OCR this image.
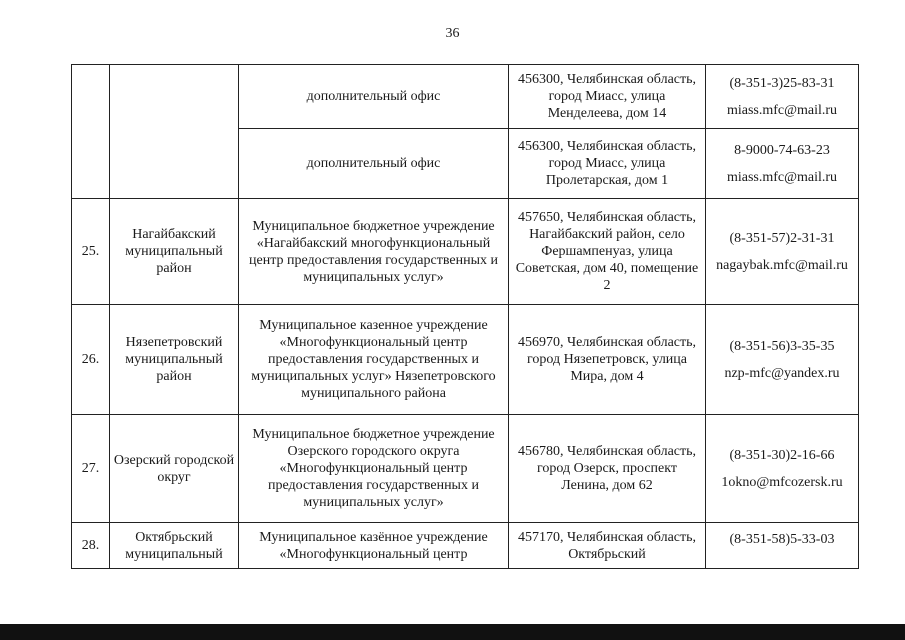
36
		дополнительный офис	456300, Челябинская область, город Миасс, улица Менделеева, дом 14	(8-351-3)25-83-31
miass.mfc@mail.ru

		дополнительный офис	456300, Челябинская область, город Миасс, улица Пролетарская, дом 1	8-9000-74-63-23
miass.mfc@mail.ru

25.	Нагайбакский муниципальный район	Муниципальное бюджетное учреждение «Нагайбакский многофункциональный центр предоставления государственных и муниципальных услуг»	457650, Челябинская область, Нагайбакский район, село Фершампенуаз, улица Советская, дом 40, помещение 2	(8-351-57)2-31-31
nagaybak.mfc@mail.ru

26.	Нязепетровский муниципальный район	Муниципальное казенное учреждение «Многофункциональный центр предоставления государственных и муниципальных услуг» Нязепетровского муниципального района	456970, Челябинская область, город Нязепетровск, улица Мира, дом 4	(8-351-56)3-35-35
nzp-mfc@yandex.ru

27.	Озерский городской округ	Муниципальное бюджетное учреждение Озерского городского округа «Многофункциональный центр предоставления государственных и муниципальных услуг»	456780, Челябинская область, город Озерск, проспект Ленина, дом 62	(8-351-30)2-16-66
1okno@mfcozersk.ru

28.	Октябрьский муниципальный	Муниципальное казённое учреждение «Многофункциональный центр	457170, Челябинская область, Октябрьский	(8-351-58)5-33-03
